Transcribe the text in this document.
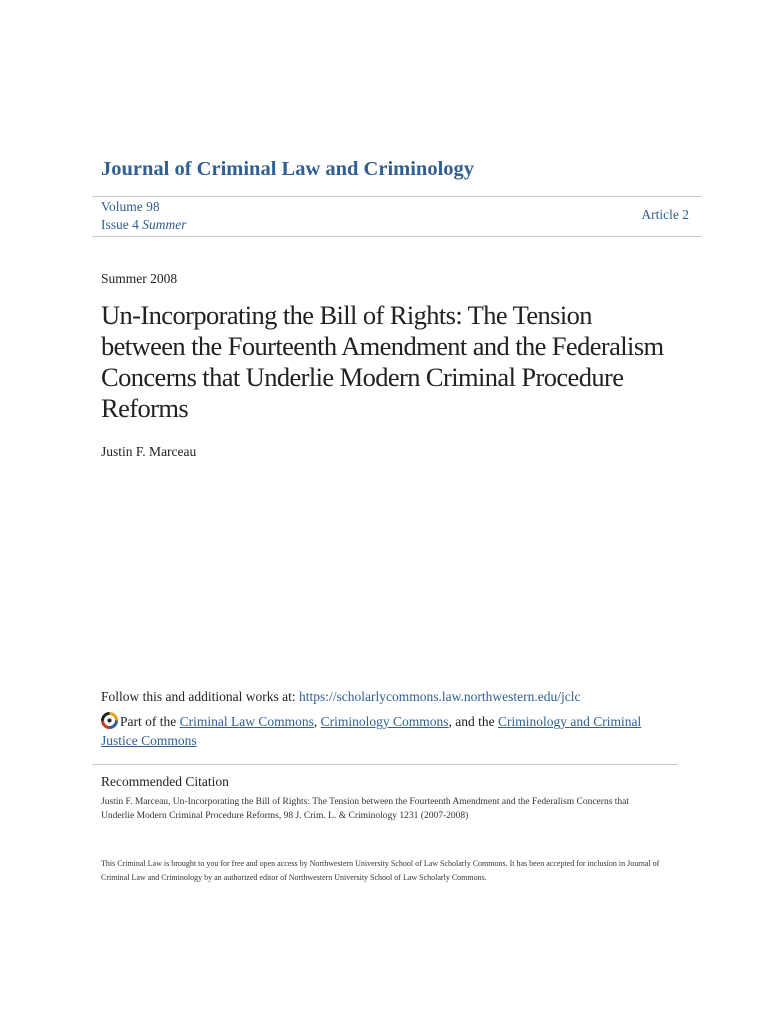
Journal of Criminal Law and Criminology
Volume 98
Issue 4 Summer
Article 2
Summer 2008
Un-Incorporating the Bill of Rights: The Tension between the Fourteenth Amendment and the Federalism Concerns that Underlie Modern Criminal Procedure Reforms
Justin F. Marceau
Follow this and additional works at: https://scholarlycommons.law.northwestern.edu/jclc
Part of the Criminal Law Commons, Criminology Commons, and the Criminology and Criminal Justice Commons
Recommended Citation
Justin F. Marceau, Un-Incorporating the Bill of Rights: The Tension between the Fourteenth Amendment and the Federalism Concerns that Underlie Modern Criminal Procedure Reforms, 98 J. Crim. L. & Criminology 1231 (2007-2008)
This Criminal Law is brought to you for free and open access by Northwestern University School of Law Scholarly Commons. It has been accepted for inclusion in Journal of Criminal Law and Criminology by an authorized editor of Northwestern University School of Law Scholarly Commons.
